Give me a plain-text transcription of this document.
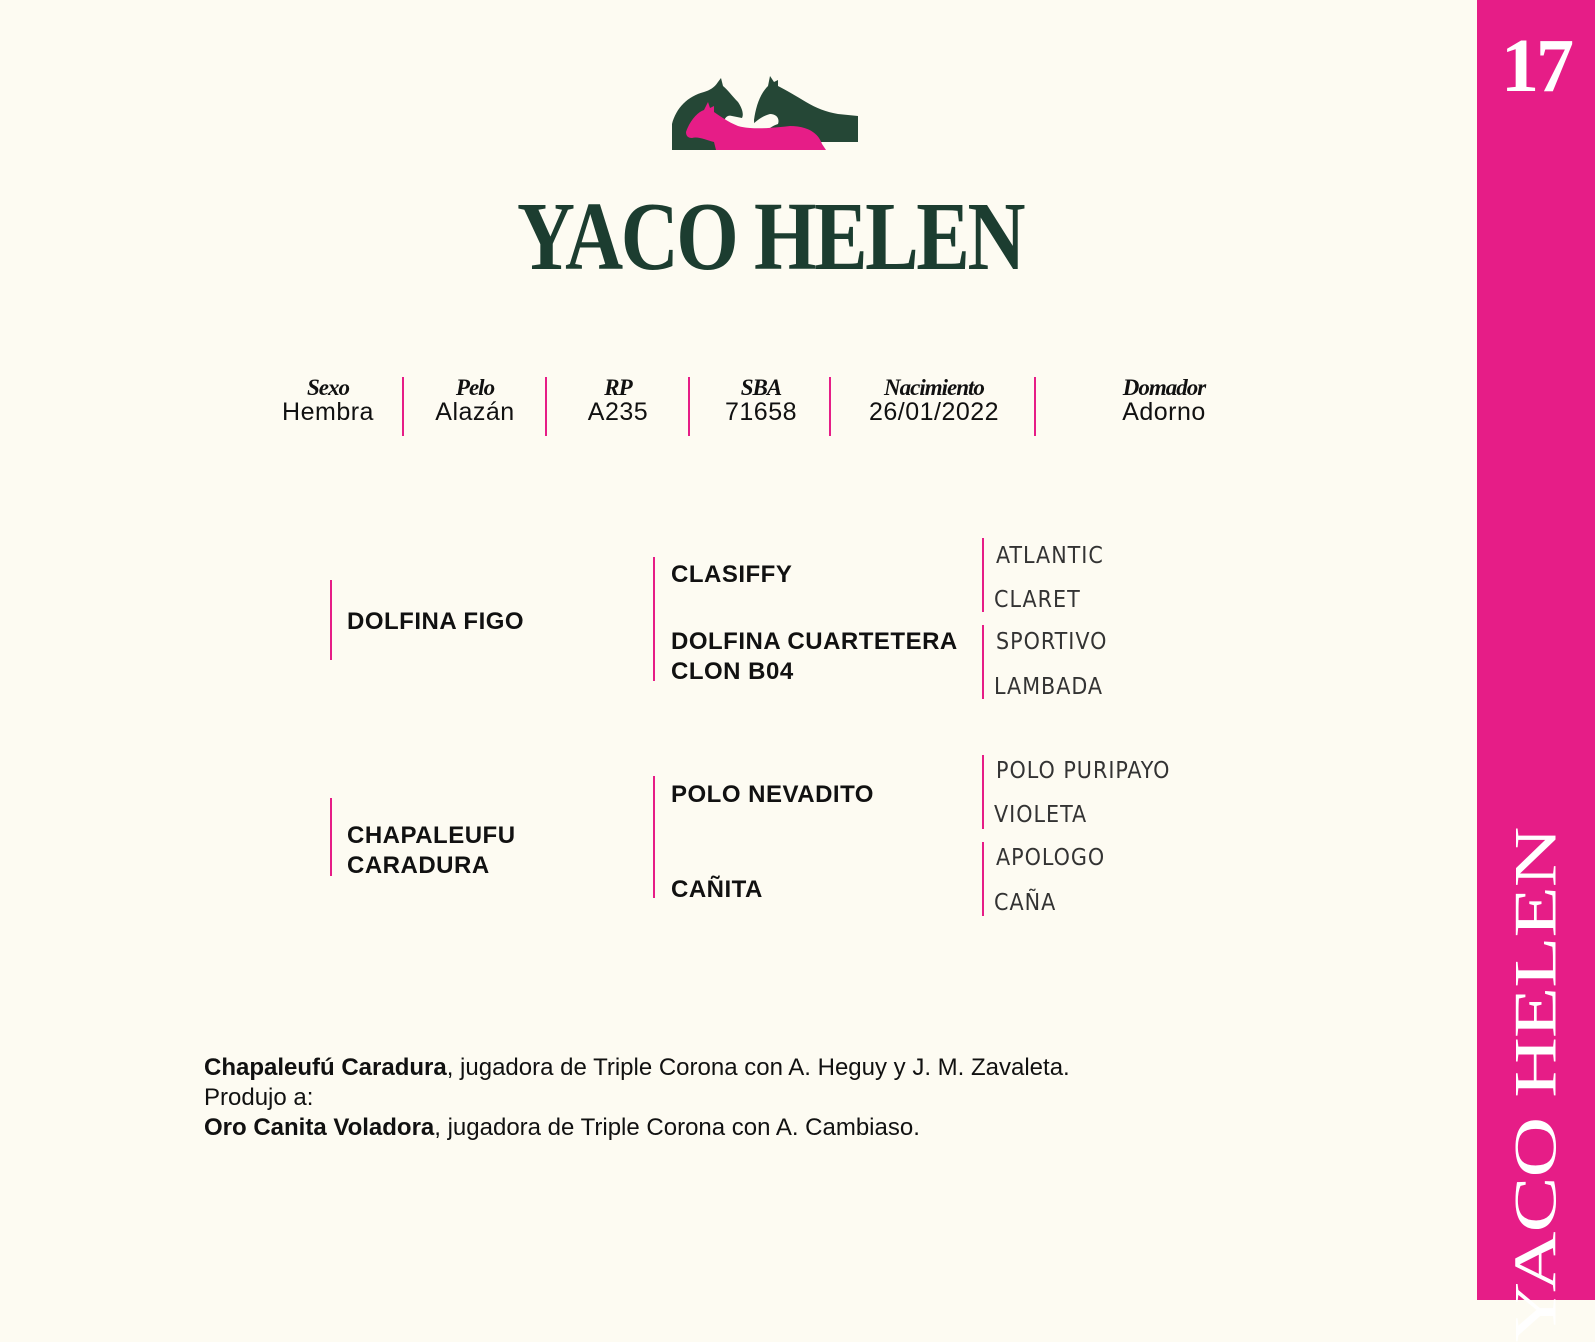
17
YACO HELEN
YACO HELEN
Sexo
Hembra
Pelo
Alazán
RP
A235
SBA
71658
Nacimiento
26/01/2022
Domador
Adorno
DOLFINA FIGO
CLASIFFY
DOLFINA CUARTETERA
CLON B04
ATLANTIC
CLARET
SPORTIVO
LAMBADA
CHAPALEUFU
CARADURA
POLO NEVADITO
CAÑITA
POLO PURIPAYO
VIOLETA
APOLOGO
CAÑA
Chapaleufú Caradura, jugadora de Triple Corona con A. Heguy y J. M. Zavaleta.
Produjo a:
Oro Canita Voladora, jugadora de Triple Corona con A. Cambiaso.
